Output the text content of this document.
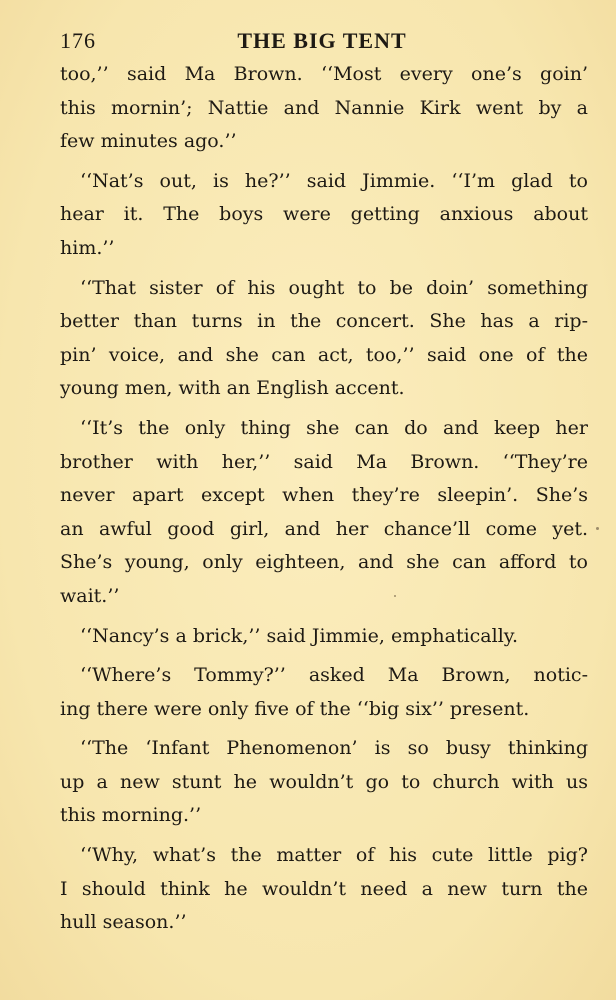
176	THE BIG TENT

too,’’ said Ma Brown. ‘‘Most every one’s goin’
this mornin’; Nattie and Nannie Kirk went by a
few minutes ago.’’

‘‘Nat’s out, is he?’’ said Jimmie. ‘‘I’m glad to
hear it. The boys were getting anxious about
him.’’

‘‘That sister of his ought to be doin’ something
better than turns in the concert. She has a rip-
pin’ voice, and she can act, too,’’ said one of the
young men, with an English accent.

‘‘It’s the only thing she can do and keep her
brother with her,’’ said Ma Brown. ‘‘They’re
never apart except when they’re sleepin’. She’s
an awful good girl, and her chance’ll come yet.
She’s young, only eighteen, and she can afford to
wait.’’

‘‘Nancy’s a brick,’’ said Jimmie, emphatically.

‘‘Where’s Tommy?’’ asked Ma Brown, notic-
ing there were only five of the ‘‘big six’’ present.

‘‘The ‘Infant Phenomenon’ is so busy thinking
up a new stunt he wouldn’t go to church with us
this morning.’’

‘‘Why, what’s the matter of his cute little pig?
I should think he wouldn’t need a new turn the
hull season.’’
